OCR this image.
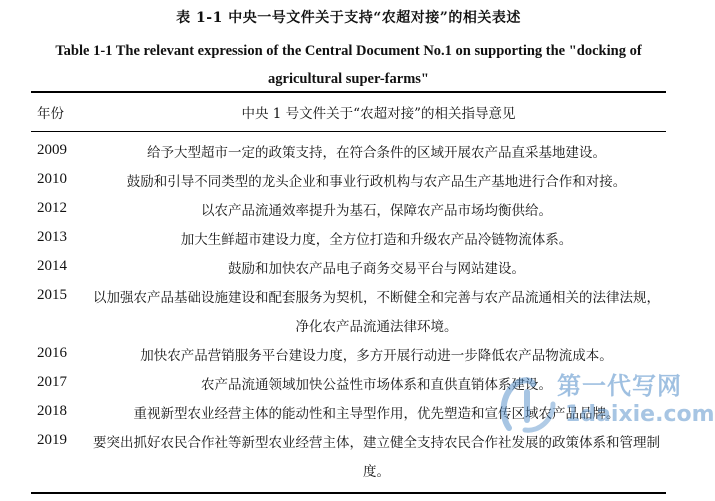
表 1-1 中央一号文件关于支持“农超对接”的相关表述
Table 1-1 The relevant expression of the Central Document No.1 on supporting the "docking of agricultural super-farms"
年份	中央 1 号文件关于“农超对接”的相关指导意见
2009	给予大型超市一定的政策支持，在符合条件的区域开展农产品直采基地建设。
2010	鼓励和引导不同类型的龙头企业和事业行政机构与农产品生产基地进行合作和对接。
2012	以农产品流通效率提升为基石，保障农产品市场均衡供给。
2013	加大生鲜超市建设力度，全方位打造和升级农产品冷链物流体系。
2014	鼓励和加快农产品电子商务交易平台与网站建设。
2015 以加强农产品基础设施建设和配套服务为契机，不断健全和完善与农产品流通相关的法律法规，净化农产品流通法律环境。
2016	加快农产品营销服务平台建设力度，多方开展行动进一步降低农产品物流成本。
2017	农产品流通领域加快公益性市场体系和直供直销体系建设。
2018	重视新型农业经营主体的能动性和主导型作用，优先塑造和宣传区域农产品品牌。
2019 要突出抓好农民合作社等新型农业经营主体，建立健全支持农民合作社发展的政策体系和管理制度。
第一代写网
1daixie.com
